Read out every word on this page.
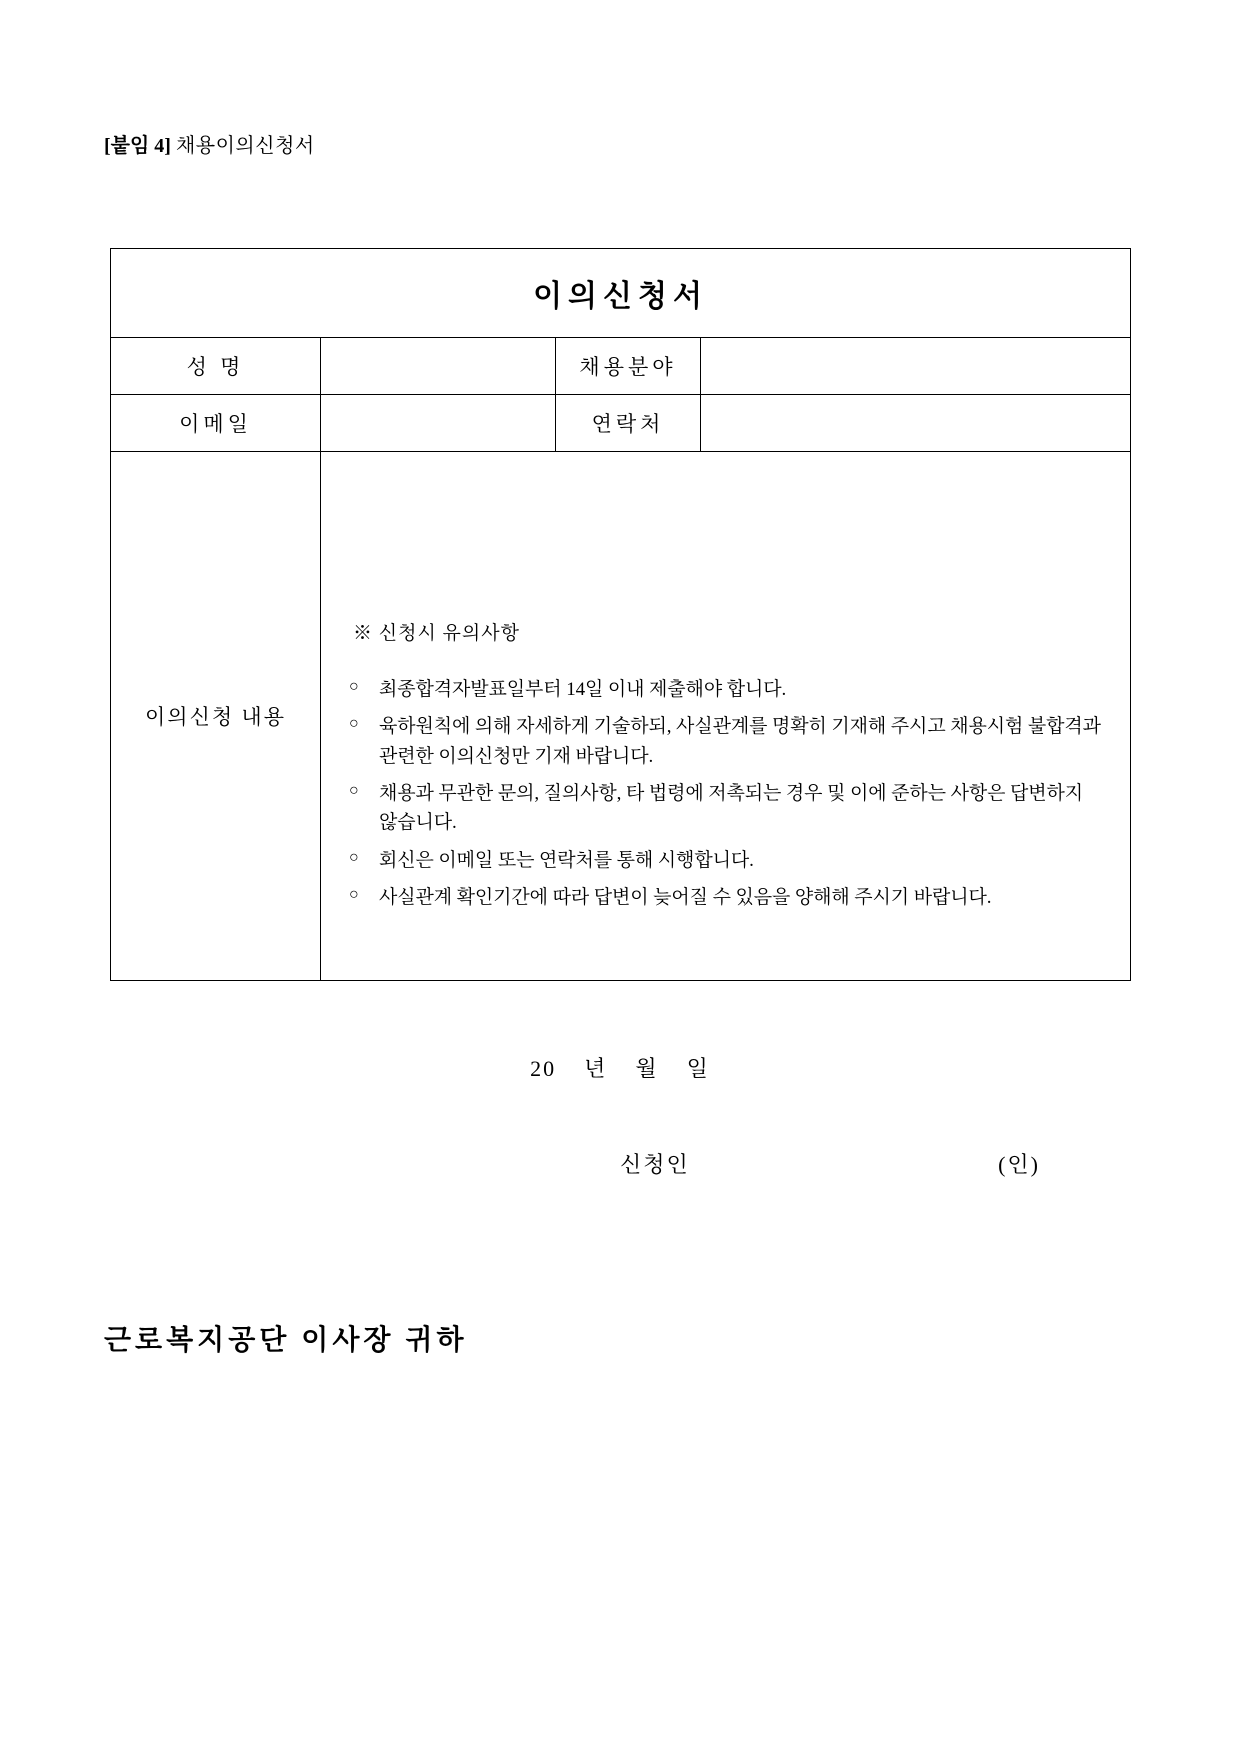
[붙임 4] 채용이의신청서
이의신청서			
성 명		채용분야	
이메일		연락처	
이의신청 내용	

※ 신청시 유의사항

○ 최종합격자발표일부터 14일 이내 제출해야 합니다.
○ 육하원칙에 의해 자세하게 기술하되, 사실관계를 명확히 기재해 주시고 채용시험 불합격과 관련한 이의신청만 기재 바랍니다.
○ 채용과 무관한 문의, 질의사항, 타 법령에 저촉되는 경우 및 이에 준하는 사항은 답변하지 않습니다.
○ 회신은 이메일 또는 연락처를 통해 시행합니다.
○ 사실관계 확인기간에 따라 답변이 늦어질 수 있음을 양해해 주시기 바랍니다.
20 년 월 일
신청인	(인)
근로복지공단 이사장 귀하
